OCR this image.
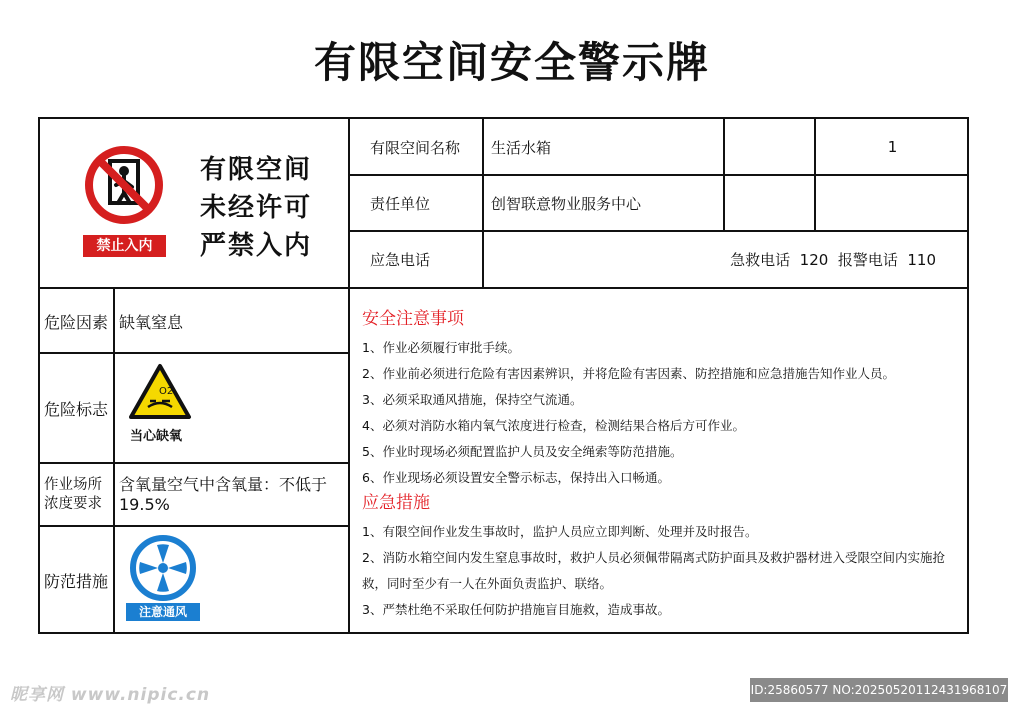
有限空间安全警示牌
禁止入内
有限空间
未经许可
严禁入内
有限空间名称 生活水箱	1
责任单位	创智联意物业服务中心
应急电话	急救电话  120  报警电话  110
危险因素 缺氧窒息
危险标志
O2
当心缺氧
作业场所浓度要求
含氧量空气中含氧量：不低于19.5%
防范措施
注意通风
安全注意事项

1、作业必须履行审批手续。

2、作业前必须进行危险有害因素辨识，并将危险有害因素、防控措施和应急措施告知作业人员。

3、必须采取通风措施，保持空气流通。

4、必须对消防水箱内氧气浓度进行检查，检测结果合格后方可作业。

5、作业时现场必须配置监护人员及安全绳索等防范措施。

6、作业现场必须设置安全警示标志，保持出入口畅通。

应急措施

1、有限空间作业发生事故时，监护人员应立即判断、处理并及时报告。

2、消防水箱空间内发生窒息事故时，救护人员必须佩带隔离式防护面具及救护器材进入受限空间内实施抢救，同时至少有一人在外面负责监护、联络。

3、严禁杜绝不采取任何防护措施盲目施救，造成事故。

昵享网 www.nipic.cn	ID:25860577 NO:20250520112431968107
